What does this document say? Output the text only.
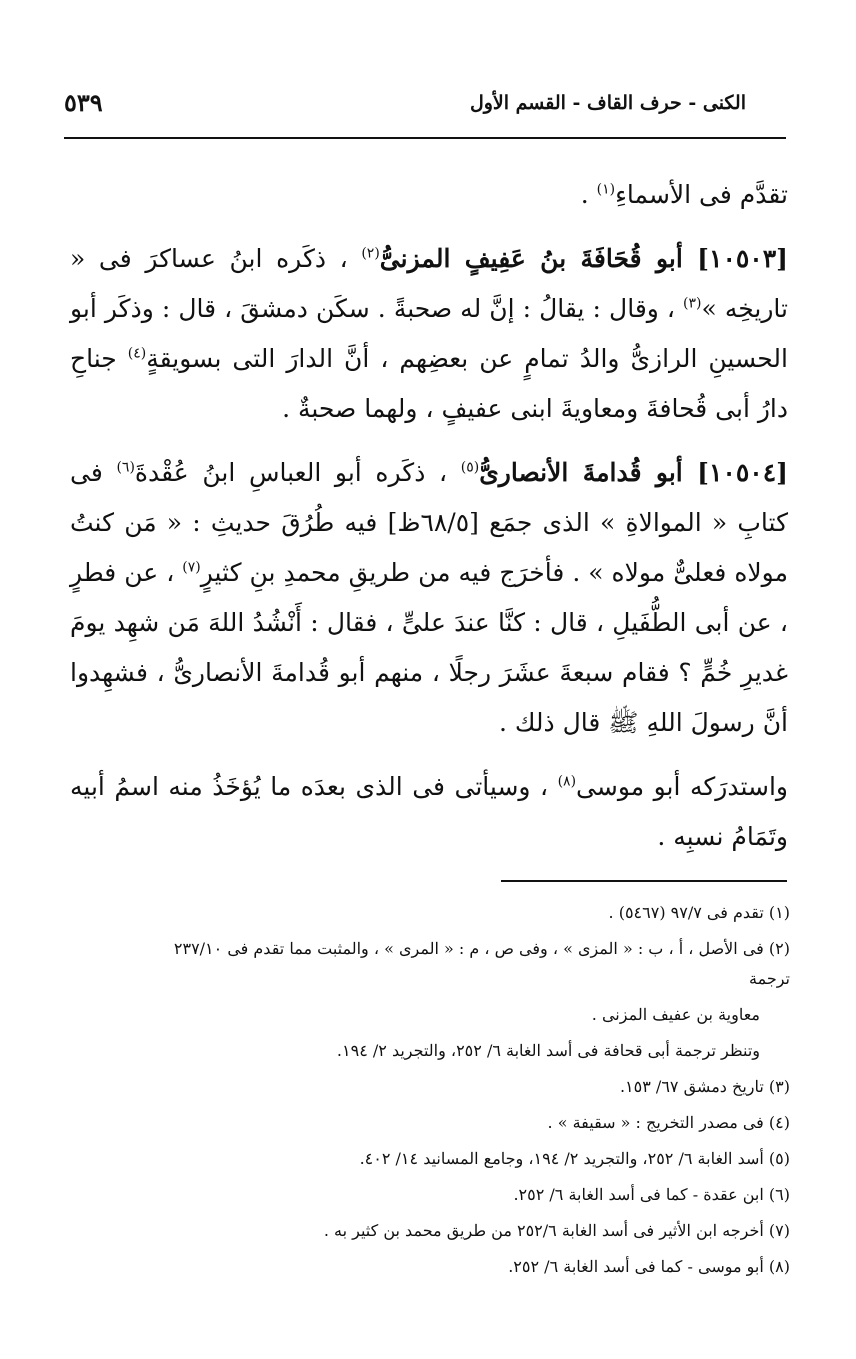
الكنى - حرف القاف - القسم الأول
٥٣٩

تقدَّم فى الأسماءِ$^{(١)}$ .

[١٠٥٠٣] أبو قُحَافَةَ بنُ عَفِيفٍ المزنىُّ$^{(٢)}$ ، ذكَره ابنُ عساكرَ فى « تاريخِه »$^{(٣)}$ ، وقال : يقالُ : إنَّ له صحبةً . سكَن دمشقَ ، قال : وذكَر أبو الحسينِ الرازىُّ والدُ تمامٍ عن بعضِهم ، أنَّ الدارَ التى بسويقةٍ$^{(٤)}$ جناحِ دارُ أبى قُحافةَ ومعاويةَ ابنى عفيفٍ ، ولهما صحبةٌ .

[١٠٥٠٤] أبو قُدامةَ الأنصارىُّ$^{(٥)}$ ، ذكَره أبو العباسِ ابنُ عُقْدةَ$^{(٦)}$ فى كتابِ « الموالاةِ » الذى جمَع [٦٨/٥ظ] فيه طُرُقَ حديثِ : « مَن كنتُ مولاه فعلىٌّ مولاه » . فأخرَج فيه من طريقِ محمدِ بنِ كثيرٍ$^{(٧)}$ ، عن فطرٍ ، عن أبى الطُّفَيلِ ، قال : كنَّا عندَ علىٍّ ، فقال : أَنْشُدُ اللهَ مَن شهِد يومَ غديرِ خُمٍّ ؟ فقام سبعةَ عشَرَ رجلًا ، منهم أبو قُدامةَ الأنصارىُّ ، فشهِدوا أنَّ رسولَ اللهِ ﷺ قال ذلك .

واستدرَكه أبو موسى$^{(٨)}$ ، وسيأتى فى الذى بعدَه ما يُؤخَذُ منه اسمُ أبيه وتَمَامُ نسبِه .

(١) تقدم فى ٩٧/٧ (٥٤٦٧) .
(٢) فى الأصل ، أ ، ب : « المزى » ، وفى ص ، م : « المرى » ، والمثبت مما تقدم فى ٢٣٧/١٠ ترجمة
معاوية بن عفيف المزنى .
وتنظر ترجمة أبى قحافة فى أسد الغابة ٦/ ٢٥٢، والتجريد ٢/ ١٩٤.
(٣) تاريخ دمشق ٦٧/ ١٥٣.
(٤) فى مصدر التخريج : « سقيفة » .
(٥) أسد الغابة ٦/ ٢٥٢، والتجريد ٢/ ١٩٤، وجامع المسانيد ١٤/ ٤٠٢.
(٦) ابن عقدة - كما فى أسد الغابة ٦/ ٢٥٢.
(٧) أخرجه ابن الأثير فى أسد الغابة ٢٥٢/٦ من طريق محمد بن كثير به .
(٨) أبو موسى - كما فى أسد الغابة ٦/ ٢٥٢.
